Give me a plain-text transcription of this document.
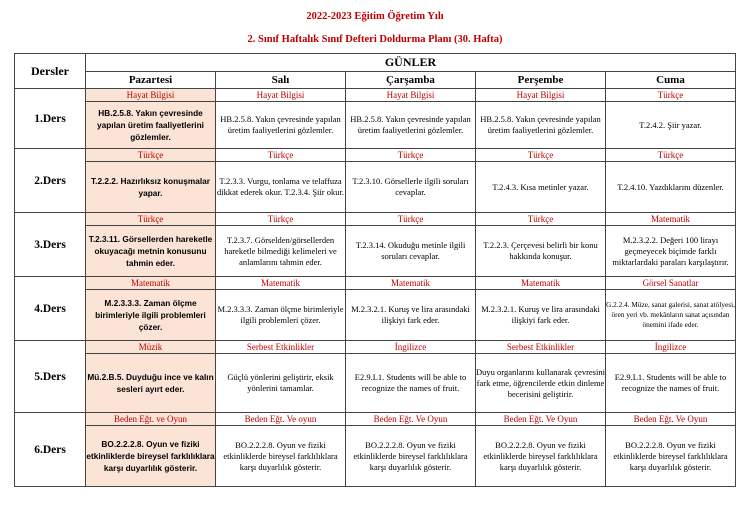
2022-2023 Eğitim Öğretim Yılı
2. Sınıf Haftalık Sınıf Defteri Doldurma Planı (30. Hafta)
Dersler	GÜNLER				
	Pazartesi	Salı	Çarşamba	Perşembe	Cuma
1.Ders	Hayat Bilgisi	Hayat Bilgisi	Hayat Bilgisi	Hayat Bilgisi	Türkçe
	HB.2.5.8. Yakın çevresinde yapılan üretim faaliyetlerini gözlemler.	HB.2.5.8. Yakın çevresinde yapılan üretim faaliyetlerini gözlemler.	HB.2.5.8. Yakın çevresinde yapılan üretim faaliyetlerini gözlemler.	HB.2.5.8. Yakın çevresinde yapılan üretim faaliyetlerini gözlemler.	T.2.4.2. Şiir yazar.
2.Ders	Türkçe	Türkçe	Türkçe	Türkçe	Türkçe
	T.2.2.2. Hazırlıksız konuşmalar yapar.	T.2.3.3. Vurgu, tonlama ve telaffuza dikkat ederek okur. T.2.3.4. Şiir okur.	T.2.3.10. Görsellerle ilgili soruları cevaplar.	T.2.4.3. Kısa metinler yazar.	T.2.4.10. Yazdıklarını düzenler.
3.Ders	Türkçe	Türkçe	Türkçe	Türkçe	Matematik
	T.2.3.11. Görsellerden hareketle okuyacağı metnin konusunu tahmin eder.	T.2.3.7. Görselden/görsellerden hareketle bilmediği kelimeleri ve anlamlarını tahmin eder.	T.2.3.14. Okuduğu metinle ilgili soruları cevaplar.	T.2.2.3. Çerçevesi belirli bir konu hakkında konuşur.	M.2.3.2.2. Değeri 100 lirayı geçmeyecek biçimde farklı miktarlardaki paraları karşılaştırır.
4.Ders	Matematik	Matematik	Matematik	Matematik	Görsel Sanatlar
	M.2.3.3.3. Zaman ölçme birimleriyle ilgili problemleri çözer.	M.2.3.3.3. Zaman ölçme birimleriyle ilgili problemleri çözer.	M.2.3.2.1. Kuruş ve lira arasındaki ilişkiyi fark eder.	M.2.3.2.1. Kuruş ve lira arasındaki ilişkiyi fark eder.	G.2.2.4. Müze, sanat galerisi, sanat atölyesi, ören yeri vb. mekânların sanat açısından önemini ifade eder.
5.Ders	Müzik	Serbest Etkinlikler	İngilizce	Serbest Etkinlikler	İngilizce
	Mü.2.B.5. Duyduğu ince ve kalın sesleri ayırt eder.	Güçlü yönlerini geliştirir, eksik yönlerini tamamlar.	E2.9.L1. Students will be able to recognize the names of fruit.	Duyu organlarını kullanarak çevresini fark etme, öğrencilerde etkin dinleme becerisini geliştirir.	E2.9.L1. Students will be able to recognize the names of fruit.
6.Ders	Beden Eğt. ve Oyun	Beden Eğt. Ve oyun	Beden Eğt. Ve Oyun	Beden Eğt. Ve Oyun	Beden Eğt. Ve Oyun
	BO.2.2.2.8. Oyun ve fiziki etkinliklerde bireysel farklılıklara karşı duyarlılık gösterir.	BO.2.2.2.8. Oyun ve fiziki etkinliklerde bireysel farklılıklara karşı duyarlılık gösterir.	BO.2.2.2.8. Oyun ve fiziki etkinliklerde bireysel farklılıklara karşı duyarlılık gösterir.	BO.2.2.2.8. Oyun ve fiziki etkinliklerde bireysel farklılıklara karşı duyarlılık gösterir.	BO.2.2.2.8. Oyun ve fiziki etkinliklerde bireysel farklılıklara karşı duyarlılık gösterir.
